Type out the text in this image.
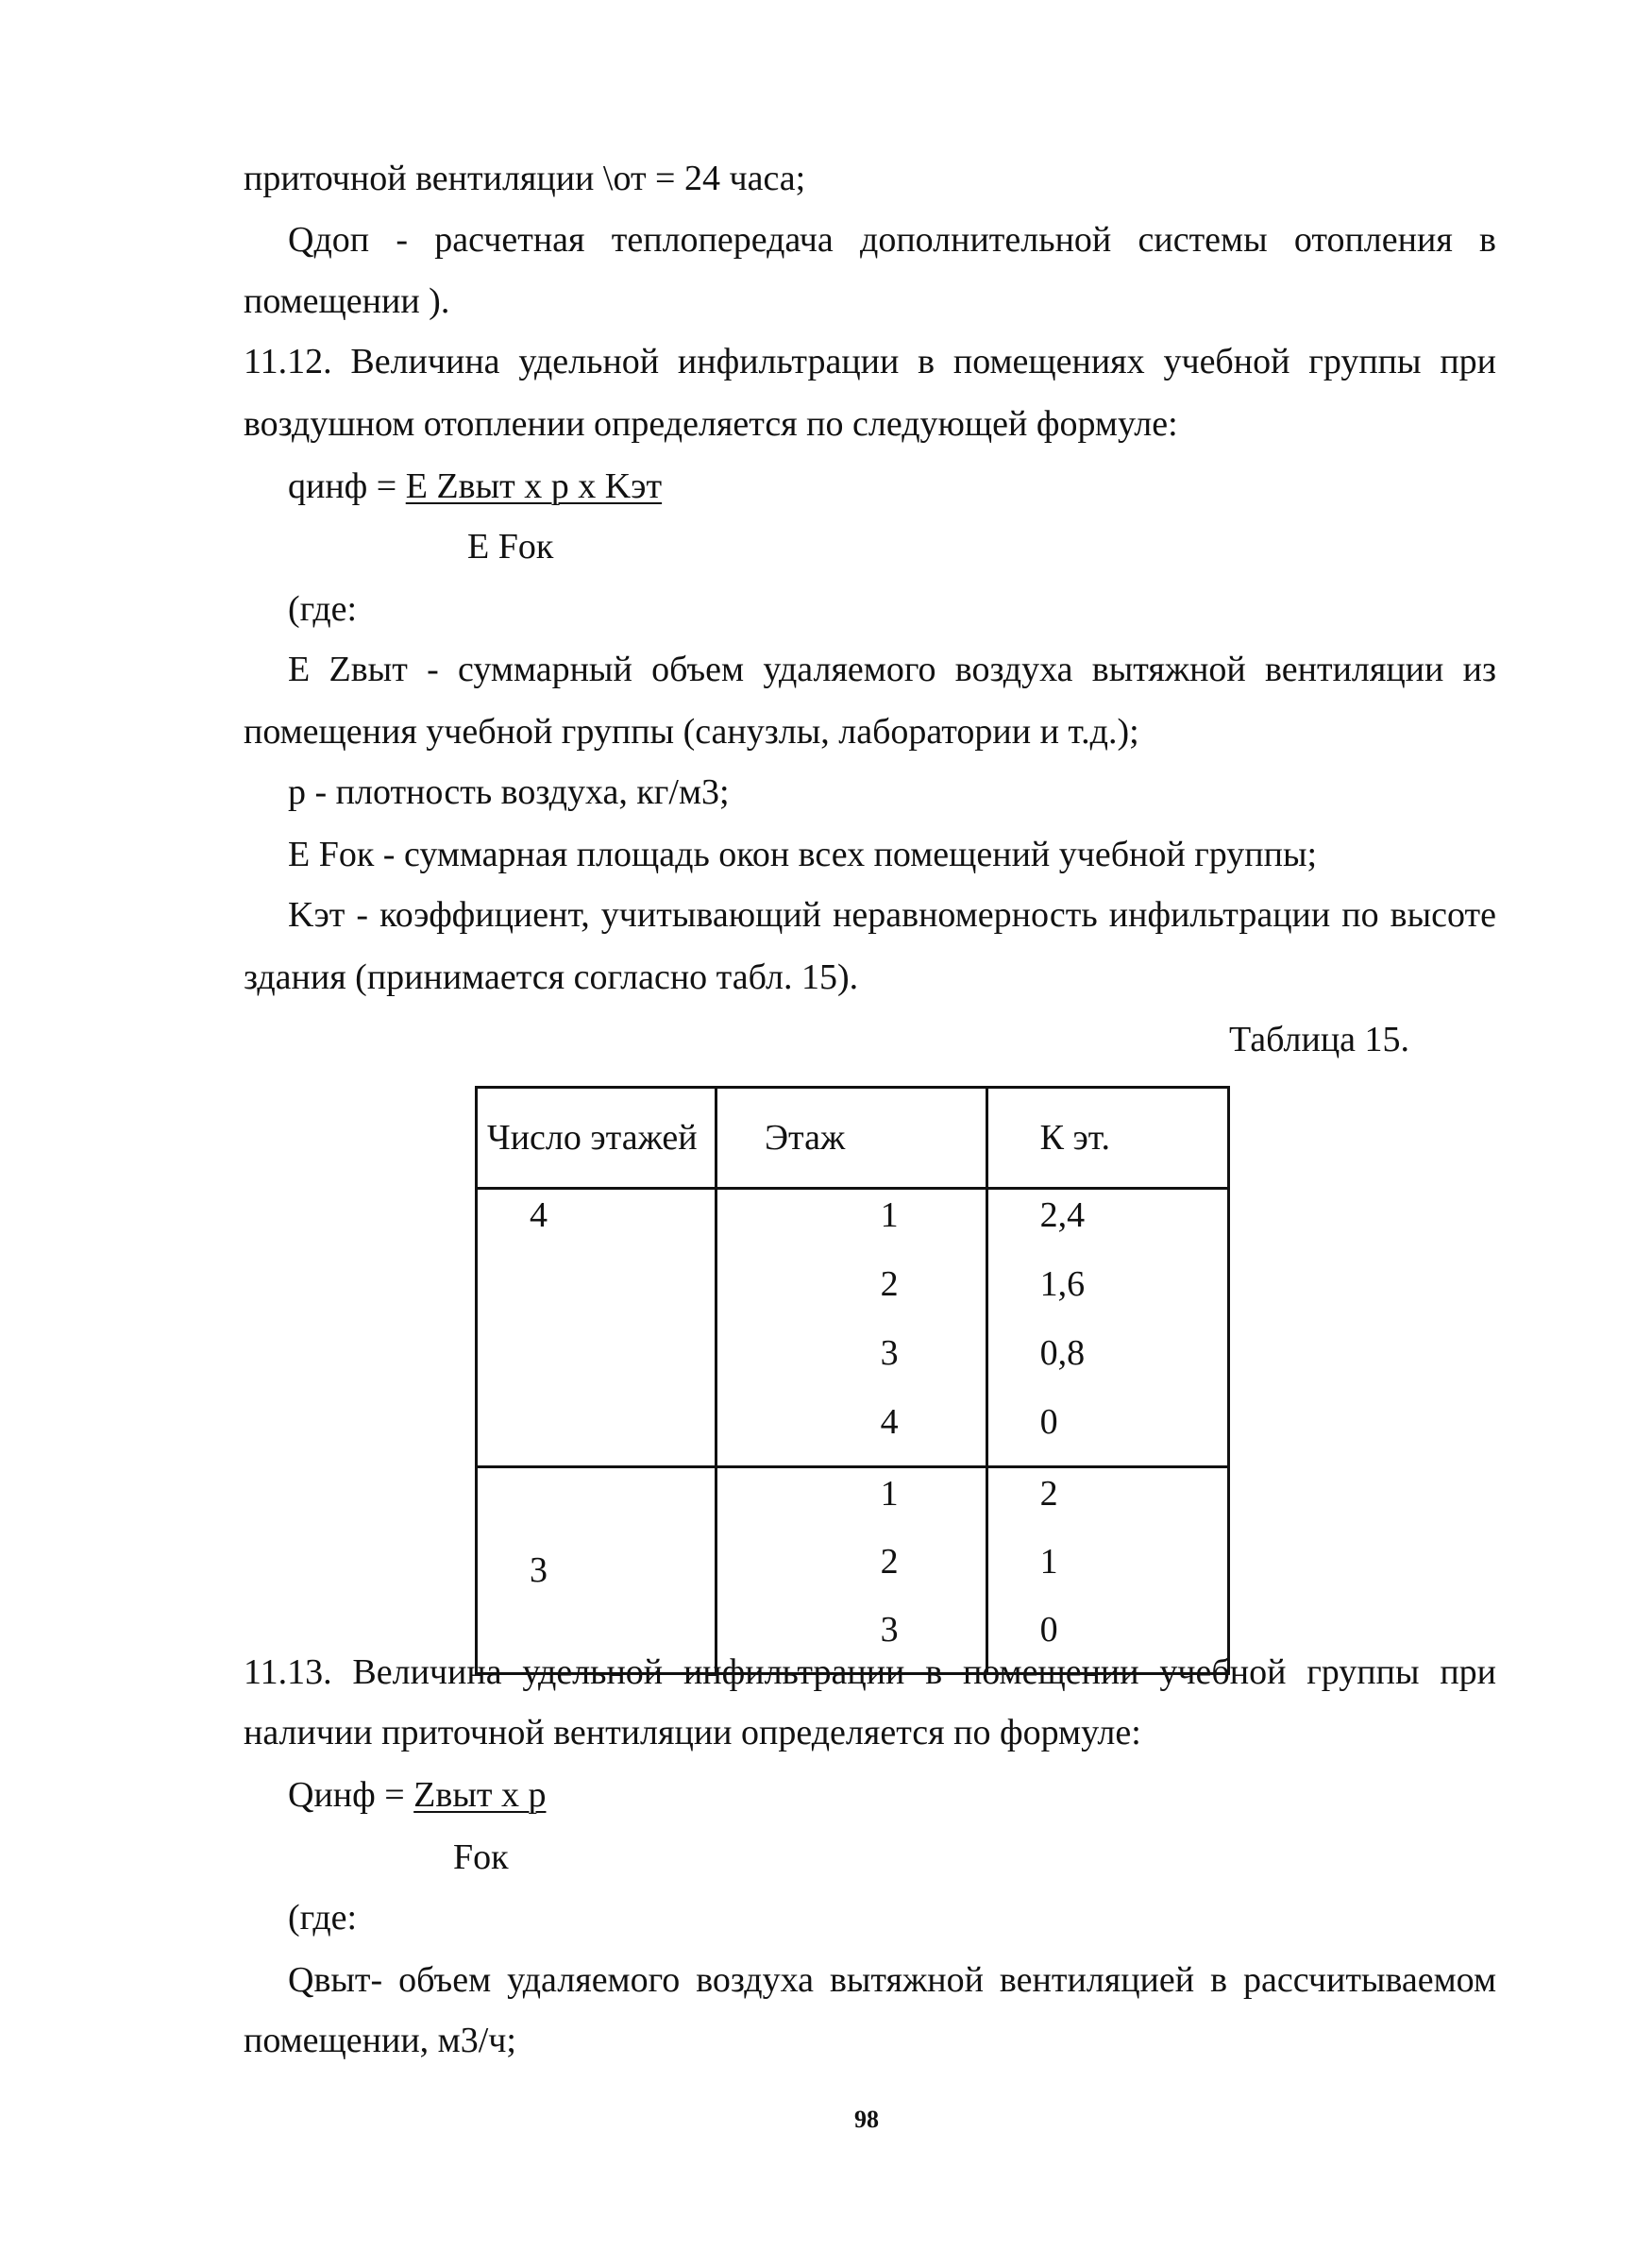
приточной вентиляции \от = 24 часа;
Qдоп - расчетная теплопередача дополнительной системы отопления в
помещении ).
11.12. Величина удельной инфильтрации в помещениях учебной группы при
воздушном отоплении определяется по следующей формуле:
qинф = E Zвыт x p x Kэт
E Fок
(где:
E Zвыт - суммарный объем удаляемого воздуха вытяжной вентиляции из
помещения учебной группы (санузлы, лаборатории и т.д.);
p - плотность воздуха, кг/м3;
E Fок - суммарная площадь окон всех помещений учебной группы;
Kэт - коэффициент, учитывающий неравномерность инфильтрации по высоте
здания (принимается согласно табл. 15).
Таблица 15.
Число этажей	Этаж	К эт.
4	1	2,4
	2	1,6
	3	0,8
	4	0
3	1	2
	2	1
	3	0
11.13. Величина удельной инфильтрации в помещении учебной группы при
наличии приточной вентиляции определяется по формуле:
Qинф = Zвыт x p
Fок
(где:
Qвыт- объем удаляемого воздуха вытяжной вентиляцией в рассчитываемом
помещении, м3/ч;
98
